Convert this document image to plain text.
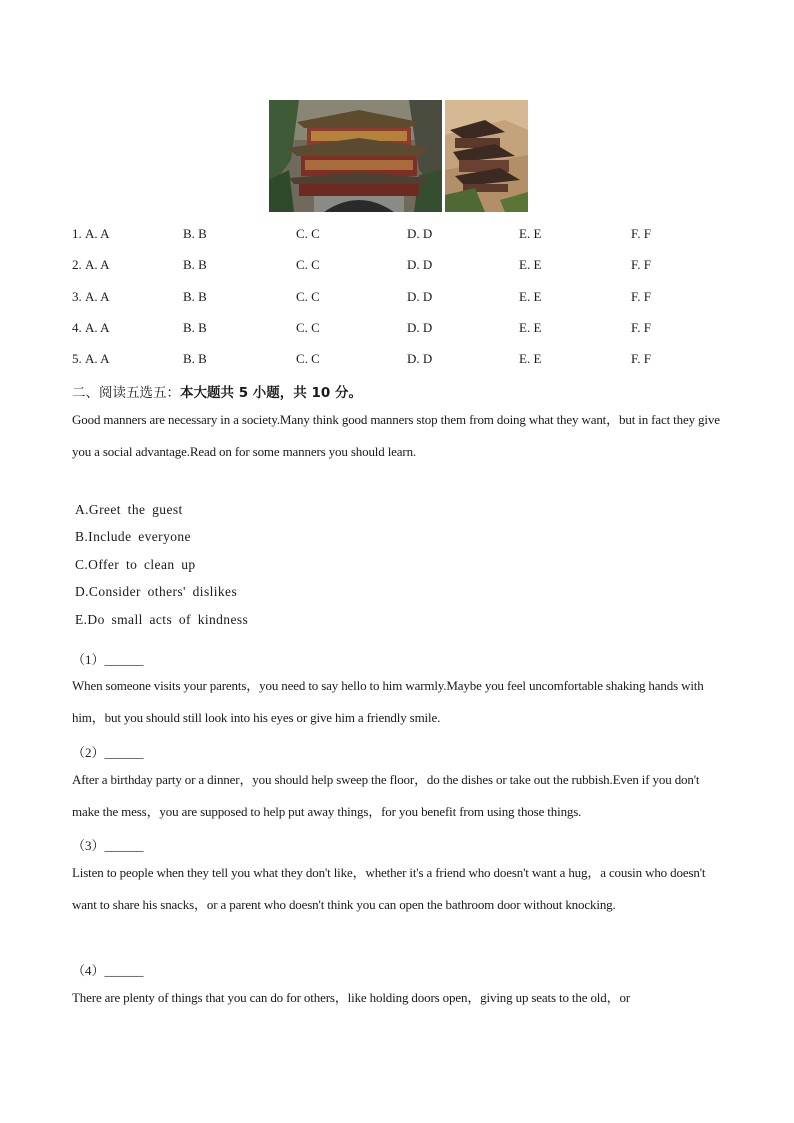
1. A. A	B. B	C. C	D. D	E. E	F. F
2. A. A	B. B	C. C	D. D	E. E	F. F
3. A. A	B. B	C. C	D. D	E. E	F. F
4. A. A	B. B	C. C	D. D	E. E	F. F
5. A. A	B. B	C. C	D. D	E. E	F. F
二、阅读五选五：本大题共 5 小题，共 10 分。
Good manners are necessary in a society.Many think good manners stop them from doing what they want，but in fact they give you a social advantage.Read on for some manners you should learn.
A.Greet the guest
B.Include everyone
C.Offer to clean up
D.Consider others' dislikes
E.Do small acts of kindness
（1）______
When someone visits your parents，you need to say hello to him warmly.Maybe you feel uncomfortable shaking hands with him，but you should still look into his eyes or give him a friendly smile.
（2）______
After a birthday party or a dinner，you should help sweep the floor，do the dishes or take out the rubbish.Even if you don't make the mess，you are supposed to help put away things，for you benefit from using those things.
（3）______
Listen to people when they tell you what they don't like，whether it's a friend who doesn't want a hug，a cousin who doesn't want to share his snacks，or a parent who doesn't think you can open the bathroom door without knocking.
（4）______
There are plenty of things that you can do for others，like holding doors open，giving up seats to the old，or
